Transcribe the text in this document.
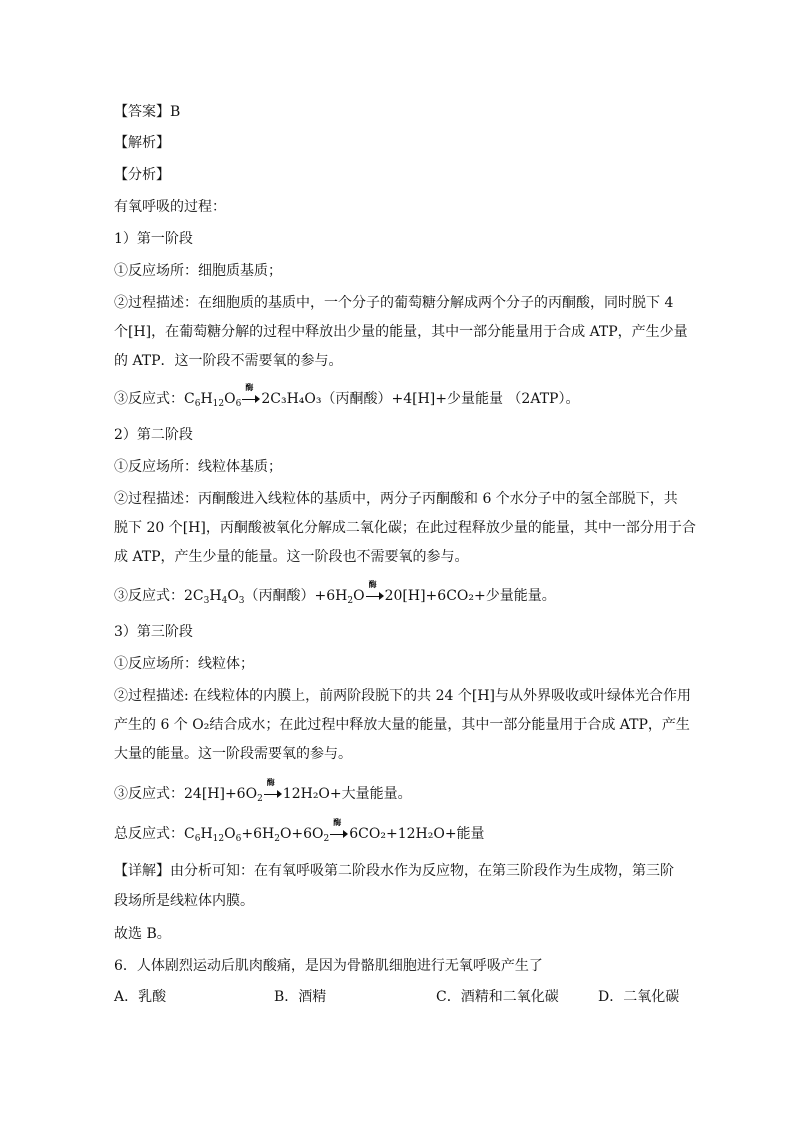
【答案】B
【解析】
【分析】
有氧呼吸的过程：
1）第一阶段
①反应场所：细胞质基质；
②过程描述：在细胞质的基质中，一个分子的葡萄糖分解成两个分子的丙酮酸，同时脱下 4
个[H]，在葡萄糖分解的过程中释放出少量的能量，其中一部分能量用于合成 ATP，产生少量
的 ATP．这一阶段不需要氧的参与。
③反应式：$C_6H_{12}O_6$
酶
2C₃H₄O₃（丙酮酸）+4[H]+少量能量 （2ATP）。
2）第二阶段
①反应场所：线粒体基质；
②过程描述：丙酮酸进入线粒体的基质中，两分子丙酮酸和 6 个水分子中的氢全部脱下，共
脱下 20 个[H]，丙酮酸被氧化分解成二氧化碳；在此过程释放少量的能量，其中一部分用于合
成 ATP，产生少量的能量。这一阶段也不需要氧的参与。
③反应式：$2C_3H_4O_3$（丙酮酸）$+6H_2O$
酶
20[H]+6CO₂+少量能量。
3）第三阶段
①反应场所：线粒体；
②过程描述: 在线粒体的内膜上，前两阶段脱下的共 24 个[H]与从外界吸收或叶绿体光合作用
产生的 6 个 O₂结合成水；在此过程中释放大量的能量，其中一部分能量用于合成 ATP，产生
大量的能量。这一阶段需要氧的参与。
③反应式：$24[H]+6O_2$
酶
12H₂O+大量能量。
总反应式：$C_6H_{12}O_6+6H_2O+6O_2$
酶
6CO₂+12H₂O+能量
【详解】由分析可知：在有氧呼吸第二阶段水作为反应物，在第三阶段作为生成物，第三阶
段场所是线粒体内膜。
故选 B。
6．人体剧烈运动后肌肉酸痛，是因为骨骼肌细胞进行无氧呼吸产生了
A．乳酸	B．酒精	C．酒精和二氧化碳	D．二氧化碳
